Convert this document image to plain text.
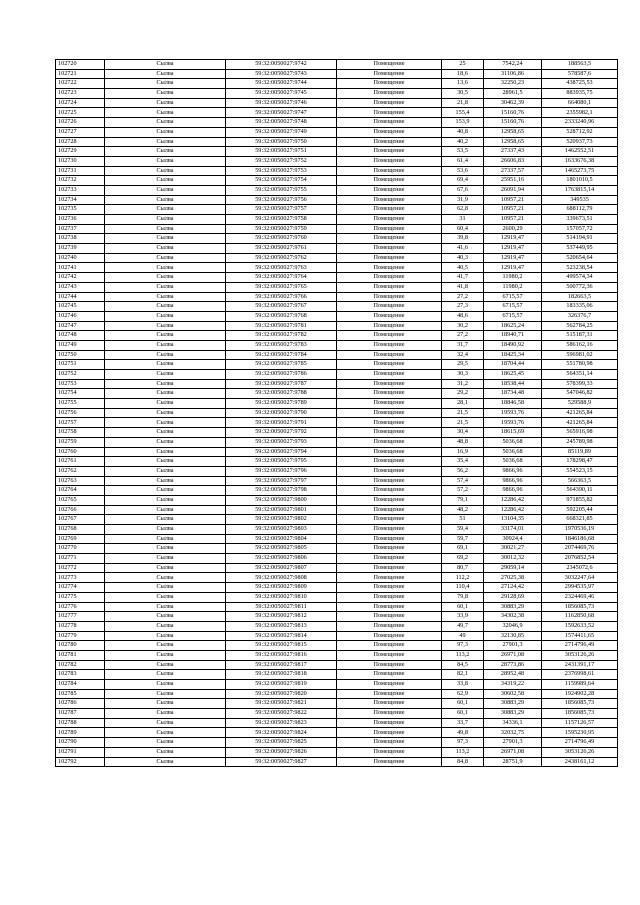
102720	Сылва	59:32:0050027:9742	Помещение	25	7542,24	188563,5
102721	Сылва	59:32:0050027:9743	Помещение	18,6	31106,86	578587,6
102722	Сылва	59:32:0050027:9744	Помещение	13,6	32250,23	438725,53
102723	Сылва	59:32:0050027:9745	Помещение	30,5	28961,5	883935,75
102724	Сылва	59:32:0050027:9746	Помещение	21,8	30462,39	664080,1
102725	Сылва	59:32:0050027:9747	Помещение	155,4	15160,76	2355982,1
102726	Сылва	59:32:0050027:9748	Помещение	153,9	15160,76	2333240,96
102727	Сылва	59:32:0050027:9749	Помещение	40,8	12958,65	528712,92
102728	Сылва	59:32:0050027:9750	Помещение	40,2	12958,65	520937,73
102729	Сылва	59:32:0050027:9751	Помещение	53,5	27337,43	1462552,51
102730	Сылва	59:32:0050027:9752	Помещение	61,4	26606,83	1633676,38
102731	Сылва	59:32:0050027:9753	Помещение	53,6	27337,57	1465273,75
102732	Сылва	59:32:0050027:9754	Помещение	69,4	25951,16	1801010,5
102733	Сылва	59:32:0050027:9755	Помещение	67,6	26091,94	1763815,14
102734	Сылва	59:32:0050027:9756	Помещение	31,9	10957,21	349535
102735	Сылва	59:32:0050027:9757	Помещение	62,8	10957,21	688112,79
102736	Сылва	59:32:0050027:9758	Помещение	31	10957,21	339673,51
102737	Сылва	59:32:0050027:9759	Помещение	60,4	2600,29	157057,72
102738	Сылва	59:32:0050027:9760	Помещение	39,8	12919,47	514194,91
102739	Сылва	59:32:0050027:9761	Помещение	41,6	12919,47	537449,95
102740	Сылва	59:32:0050027:9762	Помещение	40,3	12919,47	520654,64
102741	Сылва	59:32:0050027:9763	Помещение	40,5	12919,47	523238,54
102742	Сылва	59:32:0050027:9764	Помещение	41,7	11980,2	499574,34
102743	Сылва	59:32:0050027:9765	Помещение	41,8	11980,2	500772,36
102744	Сылва	59:32:0050027:9766	Помещение	27,2	6715,57	182663,5
102745	Сылва	59:32:0050027:9767	Помещение	27,3	6715,57	183335,06
102746	Сылва	59:32:0050027:9768	Помещение	48,6	6715,57	326376,7
102747	Сылва	59:32:0050027:9781	Помещение	30,2	18625,24	562784,25
102748	Сылва	59:32:0050027:9782	Помещение	27,2	18940,71	515187,31
102749	Сылва	59:32:0050027:9783	Помещение	31,7	18490,92	586162,16
102750	Сылва	59:32:0050027:9784	Помещение	32,4	18425,34	596981,02
102751	Сылва	59:32:0050027:9785	Помещение	29,5	18704,44	551780,98
102752	Сылва	59:32:0050027:9786	Помещение	30,3	18625,45	564351,14
102753	Сылва	59:32:0050027:9787	Помещение	31,2	18538,44	578399,33
102754	Сылва	59:32:0050027:9788	Помещение	29,2	18734,48	547046,82
102755	Сылва	59:32:0050027:9789	Помещение	28,1	18846,58	529588,9
102756	Сылва	59:32:0050027:9790	Помещение	21,5	19593,76	421265,84
102757	Сылва	59:32:0050027:9791	Помещение	21,5	19593,76	421265,84
102758	Сылва	59:32:0050027:9792	Помещение	30,4	18615,69	565916,98
102759	Сылва	59:32:0050027:9793	Помещение	48,8	5036,68	245789,98
102760	Сылва	59:32:0050027:9794	Помещение	16,9	5036,68	85119,89
102761	Сылва	59:32:0050027:9795	Помещение	35,4	5036,68	178298,47
102762	Сылва	59:32:0050027:9796	Помещение	56,2	9866,96	554523,15
102763	Сылва	59:32:0050027:9797	Помещение	57,4	9866,96	566363,5
102764	Сылва	59:32:0050027:9798	Помещение	57,2	9866,96	564390,11
102765	Сылва	59:32:0050027:9800	Помещение	79,1	12286,42	971855,82
102766	Сылва	59:32:0050027:9801	Помещение	48,2	12286,42	592205,44
102767	Сылва	59:32:0050027:9802	Помещение	51	13104,35	668321,85
102768	Сылва	59:32:0050027:9803	Помещение	59,4	33174,01	1970536,19
102769	Сылва	59:32:0050027:9804	Помещение	59,7	30924,4	1846186,68
102770	Сылва	59:32:0050027:9805	Помещение	69,1	30021,27	2074469,76
102771	Сылва	59:32:0050027:9806	Помещение	69,2	30012,32	2076852,54
102772	Сылва	59:32:0050027:9807	Помещение	80,7	29059,14	2345072,6
102773	Сылва	59:32:0050027:9808	Помещение	112,2	27025,38	3032247,64
102774	Сылва	59:32:0050027:9809	Помещение	110,4	27124,42	2994535,97
102775	Сылва	59:32:0050027:9810	Помещение	79,8	29128,69	2324469,46
102776	Сылва	59:32:0050027:9811	Помещение	60,1	30883,29	1856085,73
102777	Сылва	59:32:0050027:9812	Помещение	33,9	34302,38	1162850,68
102778	Сылва	59:32:0050027:9813	Помещение	49,7	32046,9	1592633,52
102779	Сылва	59:32:0050027:9814	Помещение	49	32130,85	1574411,65
102780	Сылва	59:32:0050027:9815	Помещение	97,3	27901,3	2714796,49
102781	Сылва	59:32:0050027:9816	Помещение	113,2	26971,08	3053126,26
102782	Сылва	59:32:0050027:9817	Помещение	84,5	28773,86	2431391,17
102783	Сылва	59:32:0050027:9818	Помещение	82,1	28952,48	2376998,61
102784	Сылва	59:32:0050027:9819	Помещение	33,8	34319,22	1159989,64
102785	Сылва	59:32:0050027:9820	Помещение	62,9	30602,58	1924902,28
102786	Сылва	59:32:0050027:9821	Помещение	60,1	30883,29	1856085,73
102787	Сылва	59:32:0050027:9822	Помещение	60,1	30883,29	1856085,73
102788	Сылва	59:32:0050027:9823	Помещение	33,7	34336,1	1157126,57
102789	Сылва	59:32:0050027:9824	Помещение	49,8	32032,75	1595230,95
102790	Сылва	59:32:0050027:9825	Помещение	97,3	27901,3	2714796,49
102791	Сылва	59:32:0050027:9826	Помещение	113,2	26971,08	3053126,26
102792	Сылва	59:32:0050027:9827	Помещение	84,8	28751,9	2438161,12
